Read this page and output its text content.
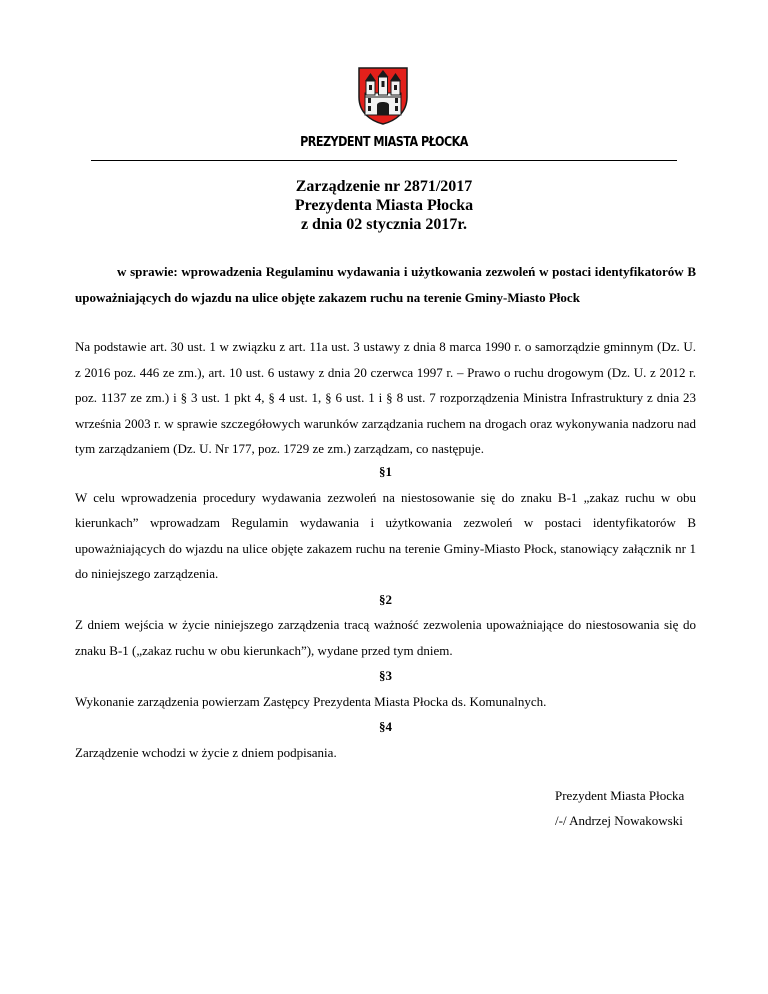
PREZYDENT MIASTA PŁOCKA
Zarządzenie nr 2871/2017
Prezydenta Miasta Płocka
z dnia 02 stycznia 2017r.
w sprawie: wprowadzenia Regulaminu wydawania i użytkowania zezwoleń w postaci identyfikatorów B upoważniających do wjazdu na ulice objęte zakazem ruchu na terenie Gminy-Miasto Płock
Na podstawie art. 30 ust. 1 w związku z art. 11a ust. 3 ustawy z dnia 8 marca 1990 r. o samorządzie gminnym (Dz. U. z 2016 poz. 446 ze zm.), art. 10 ust. 6 ustawy z dnia 20 czerwca 1997 r. – Prawo o ruchu drogowym (Dz. U. z 2012 r. poz. 1137 ze zm.) i § 3 ust. 1 pkt 4, § 4 ust. 1, § 6 ust. 1 i § 8 ust. 7 rozporządzenia Ministra Infrastruktury z dnia 23 września 2003 r. w sprawie szczegółowych warunków zarządzania ruchem na drogach oraz wykonywania nadzoru nad tym zarządzaniem (Dz. U. Nr 177, poz. 1729 ze zm.) zarządzam, co następuje.
§1

W celu wprowadzenia procedury wydawania zezwoleń na niestosowanie się do znaku B-1 „zakaz ruchu w obu kierunkach” wprowadzam Regulamin wydawania i użytkowania zezwoleń w postaci identyfikatorów B upoważniających do wjazdu na ulice objęte zakazem ruchu na terenie Gminy-Miasto Płock, stanowiący załącznik nr 1 do niniejszego zarządzenia.

§2

Z dniem wejścia w życie niniejszego zarządzenia tracą ważność zezwolenia upoważniające do niestosowania się do znaku B-1 („zakaz ruchu w obu kierunkach”), wydane przed tym dniem.

§3

Wykonanie zarządzenia powierzam Zastępcy Prezydenta Miasta Płocka ds. Komunalnych.

§4

Zarządzenie wchodzi w życie z dniem podpisania.

Prezydent Miasta Płocka
/-/ Andrzej Nowakowski
